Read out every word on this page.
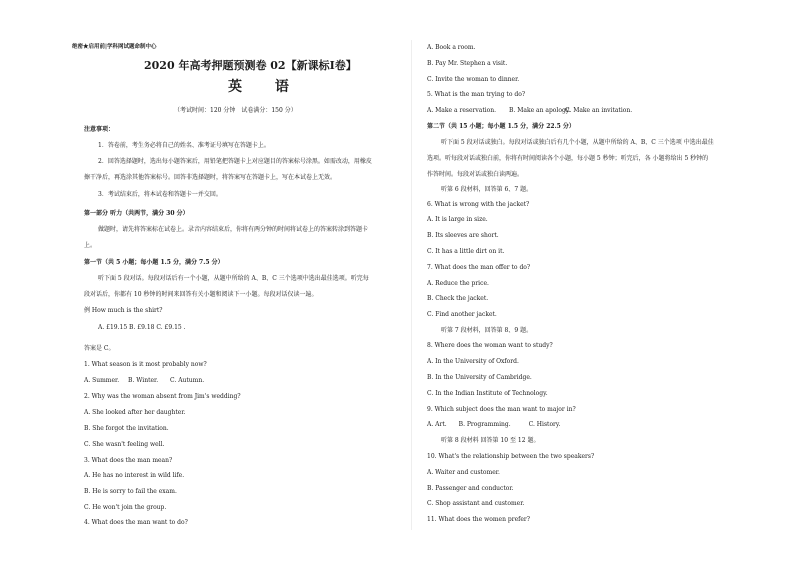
绝密★启用前|学科网试题命制中心
2020 年高考押题预测卷 02【新课标Ⅰ卷】
英 语
（考试时间：120 分钟　试卷满分：150 分）
注意事项：
1．答卷前，考生务必将自己的姓名、准考证号填写在答题卡上。
2．回答选择题时，选出每小题答案后，用铅笔把答题卡上对应题目的答案标号涂黑。如需改动，用橡皮
擦干净后，再选涂其他答案标号。回答非选择题时，将答案写在答题卡上，写在本试卷上无效。
3．考试结束后，将本试卷和答题卡一并交回。
第一部分 听力（共两节，满分 30 分）
做题时，请先将答案标在试卷上。录音内容结束后，你将有两分钟的时间将试卷上的答案转涂到答题卡
上。
第一节（共 5 小题；每小题 1.5 分，满分 7.5 分）
听下面 5 段对话。每段对话后有一个小题，从题中所给的 A、B、C 三个选项中选出最佳选项。听完每
段对话后，你都有 10 秒钟的时间来回答有关小题和阅读下一小题。每段对话仅读一遍。
例 How much is the shirt?
A. £19.15 B. £9.18 C. £9.15 .
答案是 C。
1. What season is it most probably now?
A. Summer. B. Winter. C. Autumn.
2. Why was the woman absent from Jim's wedding?
A. She looked after her daughter.
B. She forgot the invitation.
C. She wasn't feeling well.
3. What does the man mean?
A. He has no interest in wild life.
B. He is sorry to fail the exam.
C. He won't join the group.
4. What does the man want to do?
A. Book a room.
B. Pay Mr. Stephen a visit.
C. Invite the woman to dinner.
5. What is the man trying to do?
A. Make a reservation. B. Make an apology.
C. Make an invitation.
第二节（共 15 小题；每小题 1.5 分，满分 22.5 分）
听下面 5 段对话或独白。每段对话或独白后有几个小题，从题中所给的 A、B、C 三个选项 中选出最佳
选项。听每段对话或独白前，你将有时间阅读各个小题，每小题 5 秒钟；听完后，各 小题将给出 5 秒钟的
作答时间。每段对话或独白读两遍。
听第 6 段材料，回答第 6、7 题。
6. What is wrong with the jacket?
A. It is large in size.
B. Its sleeves are short.
C. It has a little dirt on it.
7. What does the man offer to do?
A. Reduce the price.
B. Check the jacket.
C. Find another jacket.
听第 7 段材料，回答第 8、9 题。
8. Where does the woman want to study?
A. In the University of Oxford.
B. In the University of Cambridge.
C. In the Indian Institute of Technology.
9. Which subject does the man want to major in?
A. Art.　　B. Programming.　　　C. History.
听第 8 段材料 回答第 10 至 12 题。
10. What's the relationship between the two speakers?
A. Waiter and customer.
B. Passenger and conductor.
C. Shop assistant and customer.
11. What does the women prefer?
